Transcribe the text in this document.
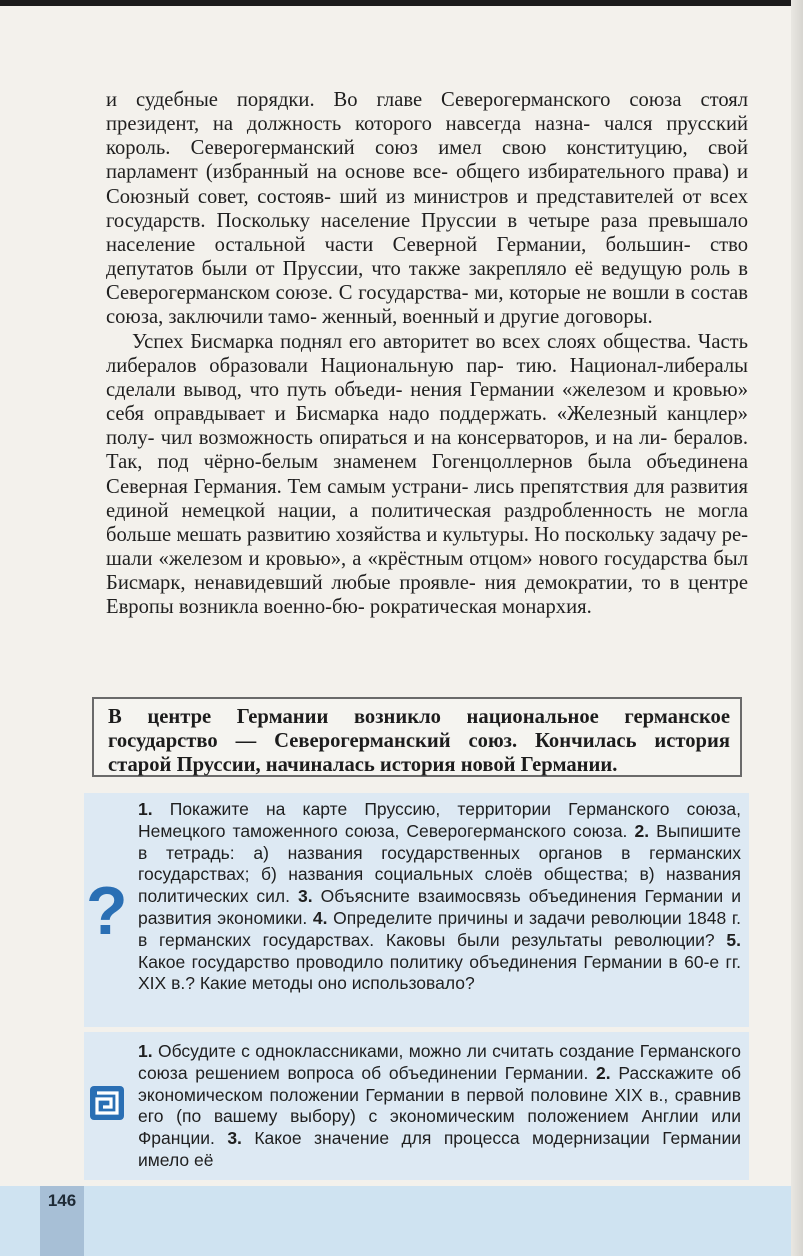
и судебные порядки. Во главе Северогерманского союза стоял президент, на должность которого навсегда назна- чался прусский король. Северогерманский союз имел свою конституцию, свой парламент (избранный на основе все- общего избирательного права) и Союзный совет, состояв- ший из министров и представителей от всех государств. Поскольку население Пруссии в четыре раза превышало население остальной части Северной Германии, большин- ство депутатов были от Пруссии, что также закрепляло её ведущую роль в Северогерманском союзе. С государства- ми, которые не вошли в состав союза, заключили тамо- женный, военный и другие договоры.

Успех Бисмарка поднял его авторитет во всех слоях общества. Часть либералов образовали Национальную пар- тию. Национал-либералы сделали вывод, что путь объеди- нения Германии «железом и кровью» себя оправдывает и Бисмарка надо поддержать. «Железный канцлер» полу- чил возможность опираться и на консерваторов, и на ли- бералов. Так, под чёрно-белым знаменем Гогенцоллернов была объединена Северная Германия. Тем самым устрани- лись препятствия для развития единой немецкой нации, а политическая раздробленность не могла больше мешать развитию хозяйства и культуры. Но поскольку задачу ре- шали «железом и кровью», а «крёстным отцом» нового государства был Бисмарк, ненавидевший любые проявле- ния демократии, то в центре Европы возникла военно-бю- рократическая монархия.

В центре Германии возникло национальное германское государство — Северогерманский союз. Кончилась история старой Пруссии, начиналась история новой Германии.
?
1. Покажите на карте Пруссию, территории Германского союза, Немецкого таможенного союза, Северогерманского союза. 2. Выпишите в тетрадь: а) названия государственных органов в германских государствах; б) названия социальных слоёв общества; в) названия политических сил. 3. Объясните взаимосвязь объединения Германии и развития экономики. 4. Определите причины и задачи революции 1848 г. в германских государствах. Каковы были результаты революции? 5. Какое государство проводило политику объединения Германии в 60-е гг. XIX в.? Какие методы оно использовало?
1. Обсудите с одноклассниками, можно ли считать создание Германского союза решением вопроса об объединении Германии. 2. Расскажите об экономическом положении Германии в первой половине XIX в., сравнив его (по вашему выбору) с экономическим положением Англии или Франции. 3. Какое значение для процесса модернизации Германии имело её
146
